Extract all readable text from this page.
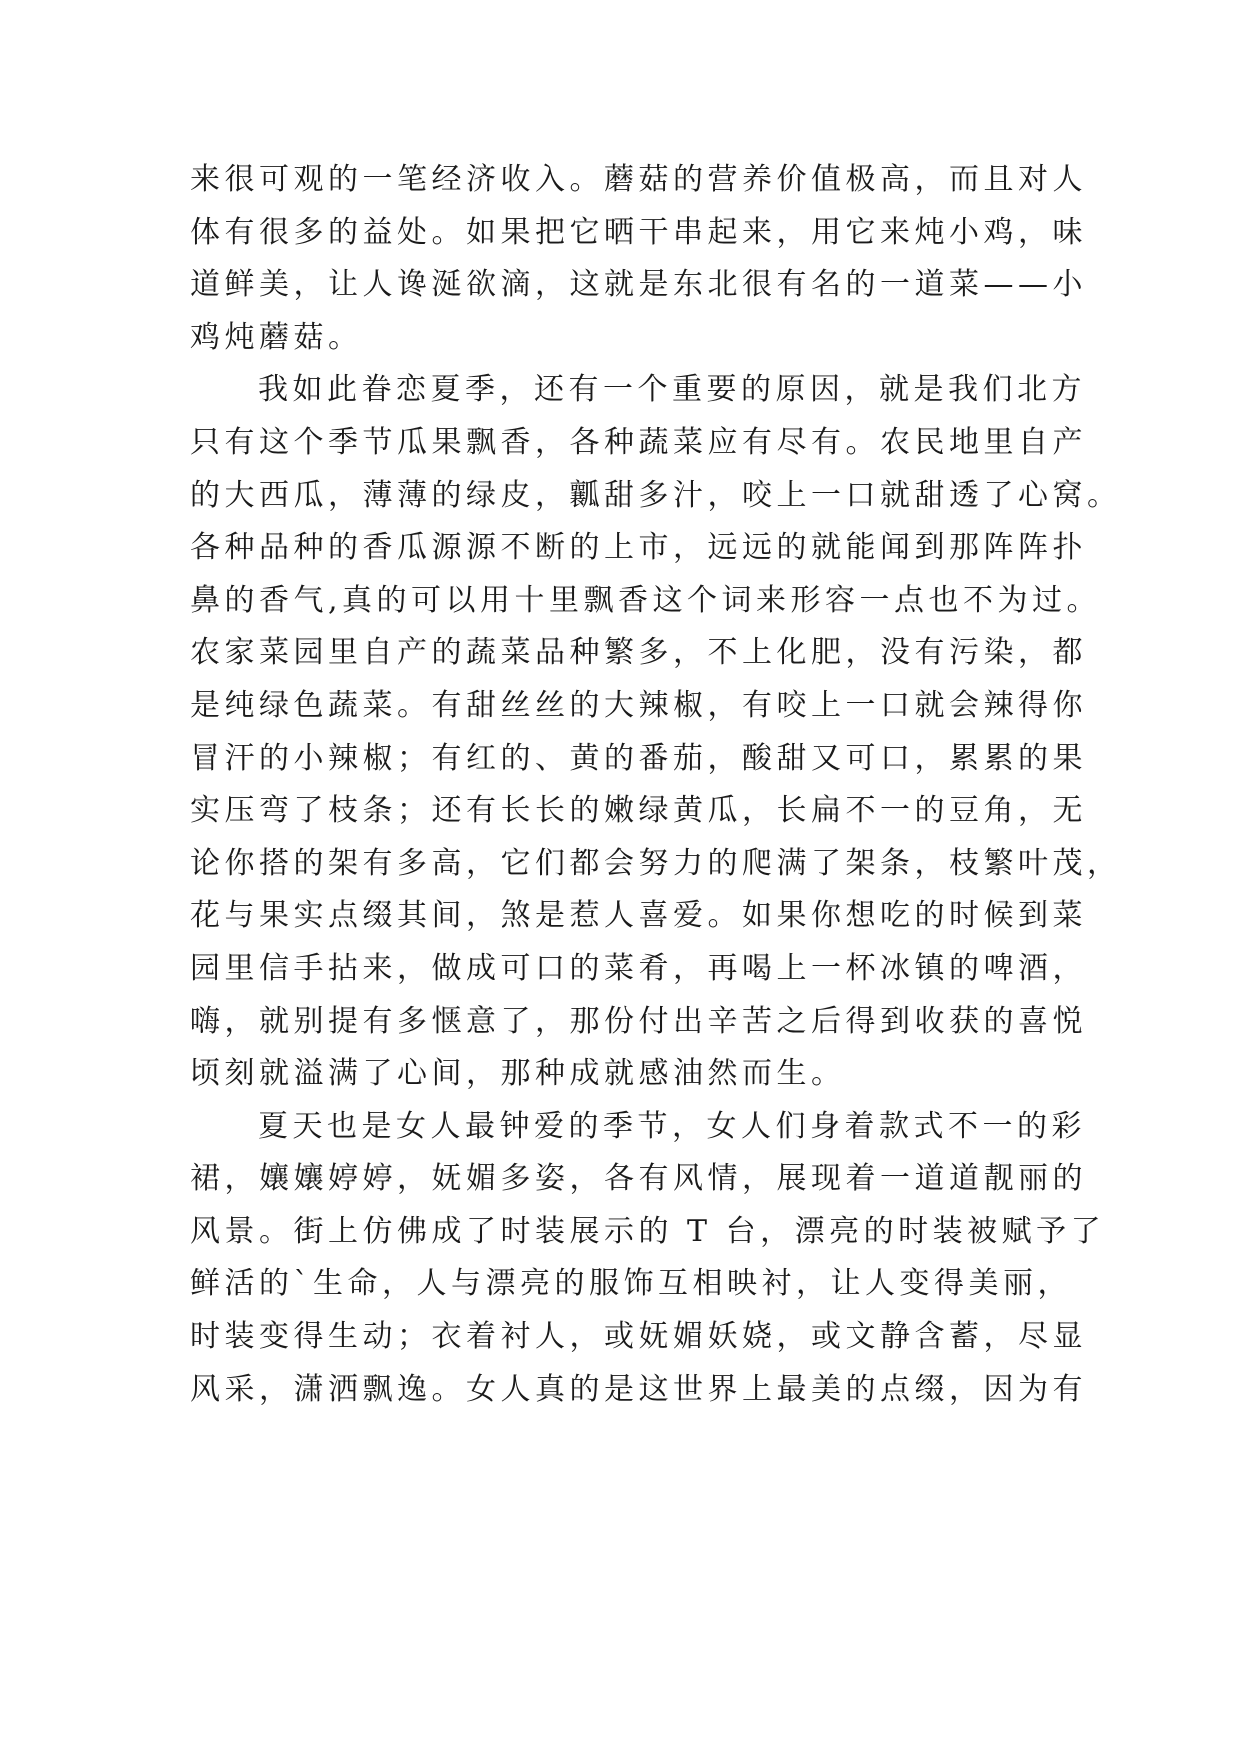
来很可观的一笔经济收入。蘑菇的营养价值极高，而且对人
体有很多的益处。如果把它晒干串起来，用它来炖小鸡，味
道鲜美，让人谗涎欲滴，这就是东北很有名的一道菜——小
鸡炖蘑菇。
我如此眷恋夏季，还有一个重要的原因，就是我们北方
只有这个季节瓜果飘香，各种蔬菜应有尽有。农民地里自产
的大西瓜，薄薄的绿皮，瓤甜多汁，咬上一口就甜透了心窝。
各种品种的香瓜源源不断的上市，远远的就能闻到那阵阵扑
鼻的香气,真的可以用十里飘香这个词来形容一点也不为过。
农家菜园里自产的蔬菜品种繁多，不上化肥，没有污染，都
是纯绿色蔬菜。有甜丝丝的大辣椒，有咬上一口就会辣得你
冒汗的小辣椒；有红的、黄的番茄，酸甜又可口，累累的果
实压弯了枝条；还有长长的嫩绿黄瓜，长扁不一的豆角，无
论你搭的架有多高，它们都会努力的爬满了架条，枝繁叶茂，
花与果实点缀其间，煞是惹人喜爱。如果你想吃的时候到菜
园里信手拈来，做成可口的菜肴，再喝上一杯冰镇的啤酒，
嗨，就别提有多惬意了，那份付出辛苦之后得到收获的喜悦
顷刻就溢满了心间，那种成就感油然而生。
夏天也是女人最钟爱的季节，女人们身着款式不一的彩
裙，孃孃婷婷，妩媚多姿，各有风情，展现着一道道靓丽的
风景。街上仿佛成了时装展示的 T 台，漂亮的时装被赋予了
鲜活的`生命，人与漂亮的服饰互相映衬，让人变得美丽，
时装变得生动；衣着衬人，或妩媚妖娆，或文静含蓄，尽显
风采，潇洒飘逸。女人真的是这世界上最美的点缀，因为有
